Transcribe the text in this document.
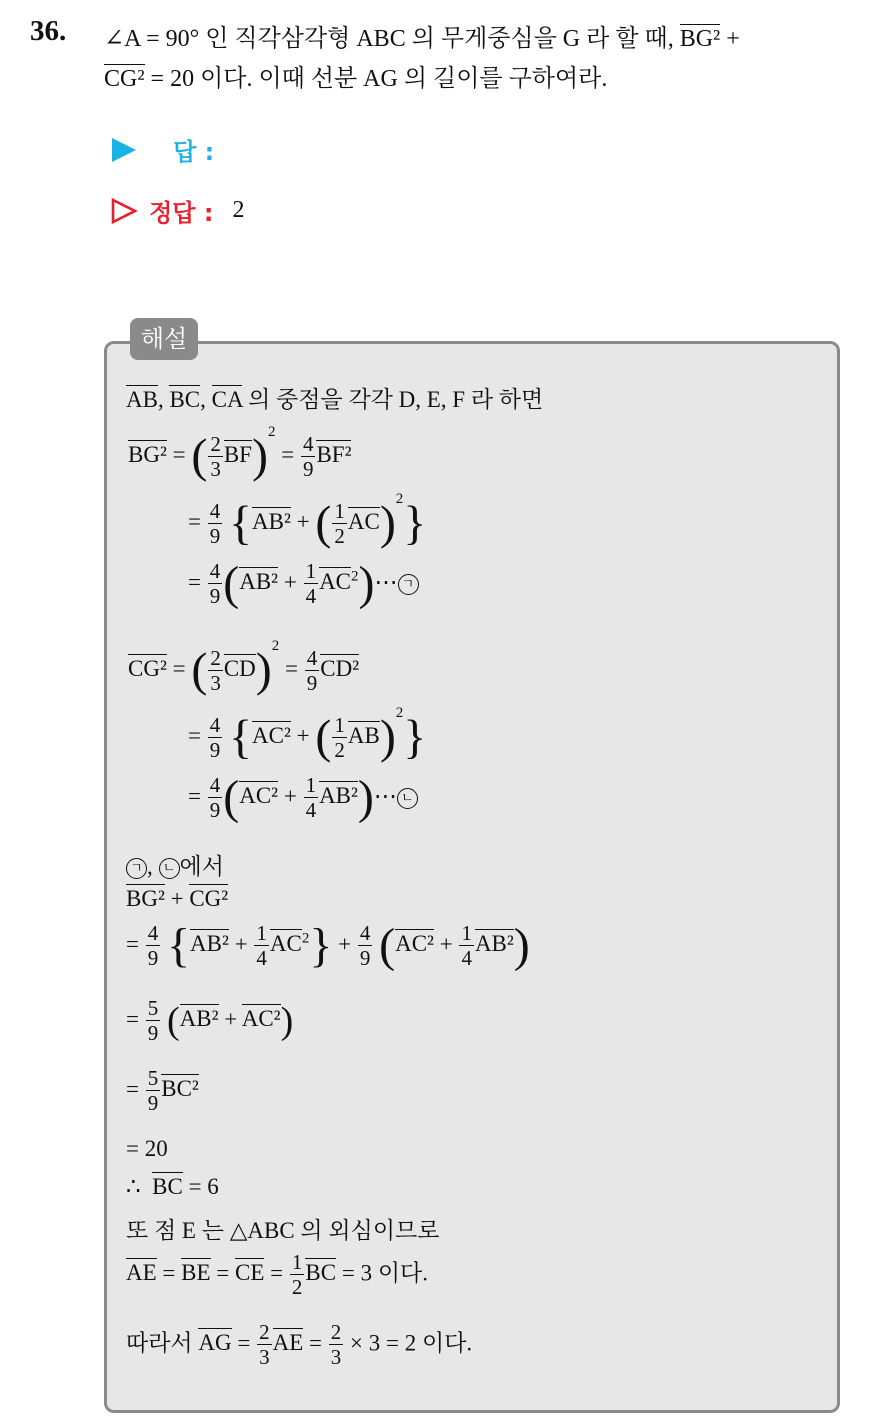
36. ∠A = 90° 인 직각삼각형 ABC 의 무게중심을 G 라 할 때, BG² +
CG² = 20 이다. 이때 선분 AG 의 길이를 구하여라.
답 :
정답 : 2
해설
AB, BC, CA 의 중점을 각각 D, E, F 라 하면
BG² = ( $\frac{2}{3} BF)^2 = \frac{4}{9} BF^2$
= $\frac{4}{9} \{AB^2$ + ( $\frac{1}{2} AC)^2$}
= $\frac{4}{9} (AB^2 + \frac{1}{4}$ $AC^2)\cdots$ ㄱ
CG² = ( $\frac{2}{3} CD)^2 = \frac{4}{9} CD^2$
= $\frac{4}{9} \{AC^2$ + ( $\frac{1}{2} AB)^2$}
= $\frac{4}{9} (AC^2 + \frac{1}{4}$ AB²)⋯ ㄴ
ㄱ , ㄴ 에서
BG² + CG²
= $\frac{4}{9} \{AB^2 + \frac{1}{4} AC^2\} + \frac{4}{9} (AC^2 + \frac{1}{4} AB^2)$
= $\frac{5}{9} (AB^2 + AC^2)$
= $\frac{5}{9} BC^2$
= 20
∴ BC = 6
또 점 E 는 △ABC 의 외심이므로
AE = BE = CE = $\frac{1}{2}$ BC = 3 이다.
따라서 AG = $\frac{2}{3}$ AE = $\frac{2}{3} \times 3 = 2$ 이다.
